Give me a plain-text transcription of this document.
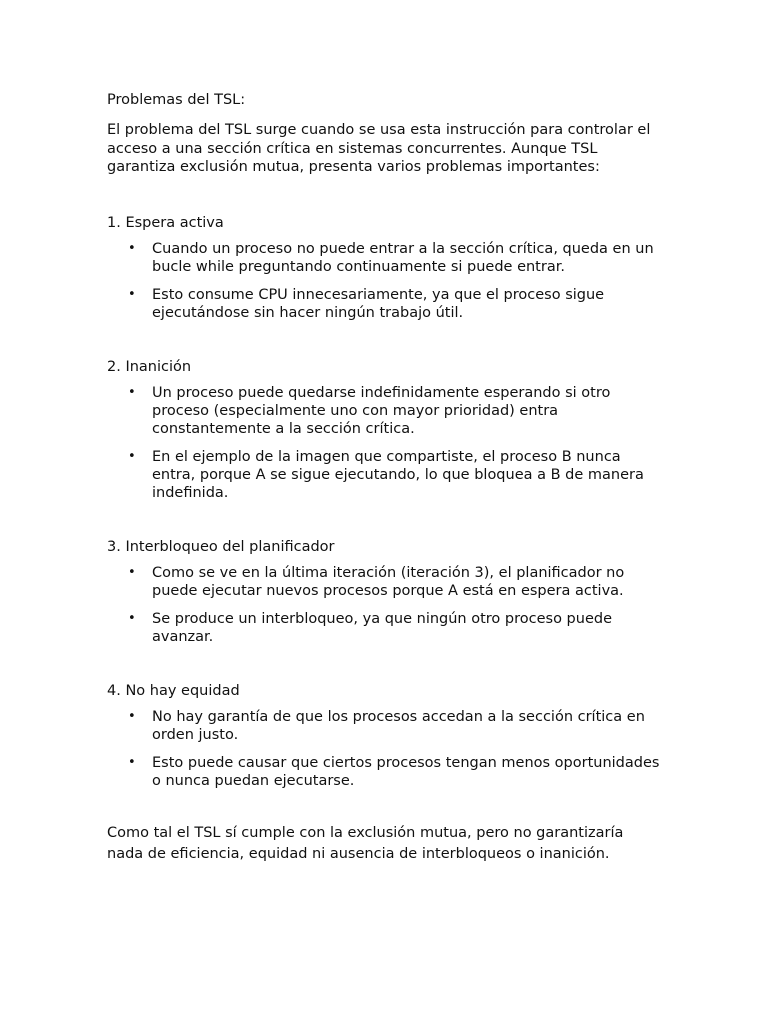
Problemas del TSL:

El problema del TSL surge cuando se usa esta instrucción para controlar el acceso a una sección crítica en sistemas concurrentes. Aunque TSL garantiza exclusión mutua, presenta varios problemas importantes:

1. Espera activa

• Cuando un proceso no puede entrar a la sección crítica, queda en un bucle while preguntando continuamente si puede entrar.
• Esto consume CPU innecesariamente, ya que el proceso sigue ejecutándose sin hacer ningún trabajo útil.

2. Inanición

• Un proceso puede quedarse indefinidamente esperando si otro proceso (especialmente uno con mayor prioridad) entra constantemente a la sección crítica.
• En el ejemplo de la imagen que compartiste, el proceso B nunca entra, porque A se sigue ejecutando, lo que bloquea a B de manera indefinida.

3. Interbloqueo del planificador

• Como se ve en la última iteración (iteración 3), el planificador no puede ejecutar nuevos procesos porque A está en espera activa.
• Se produce un interbloqueo, ya que ningún otro proceso puede avanzar.

4. No hay equidad

• No hay garantía de que los procesos accedan a la sección crítica en orden justo.
• Esto puede causar que ciertos procesos tengan menos oportunidades o nunca puedan ejecutarse.

Como tal el TSL sí cumple con la exclusión mutua, pero no garantizaría nada de eficiencia, equidad ni ausencia de interbloqueos o inanición.
